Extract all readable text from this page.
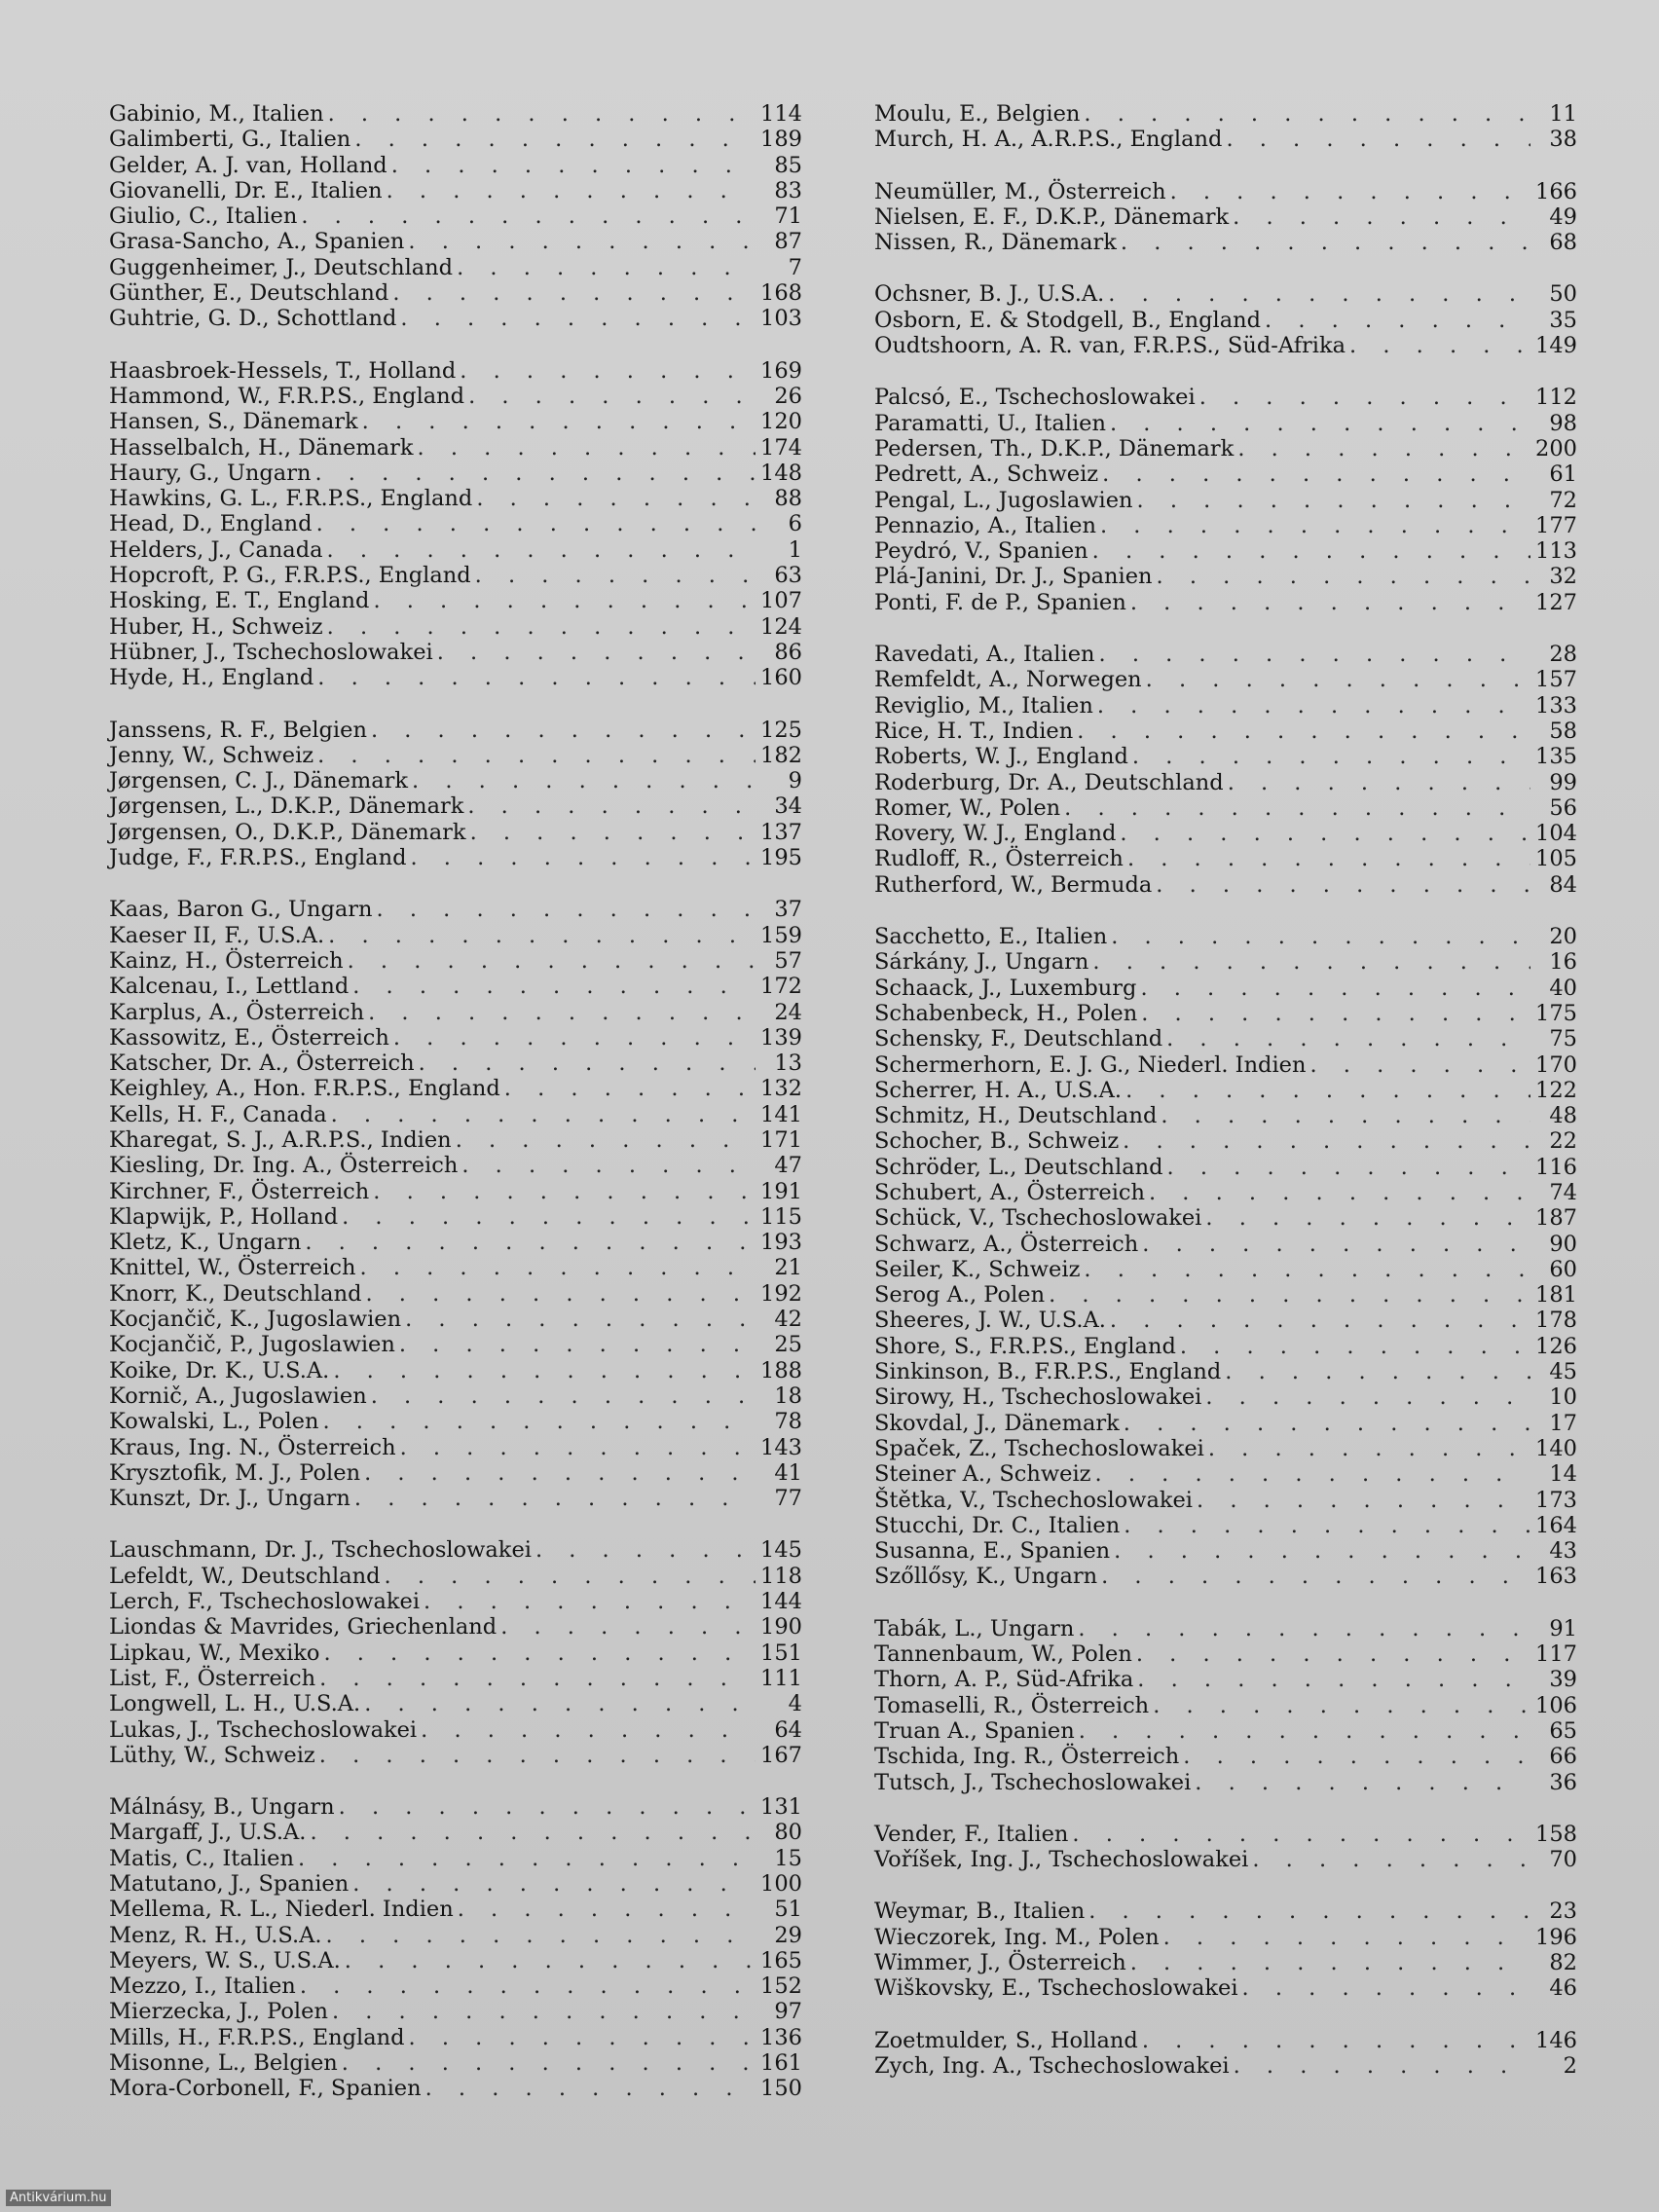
Gabinio, M., Italien . . .	114
Galimberti, G., Italien . . .	189
Gelder, A. J. van, Holland . . .	85
Giovanelli, Dr. E., Italien . . .	83
Giulio, C., Italien . . .	71
Grasa-Sancho, A., Spanien . . .	87
Guggenheimer, J., Deutschland . . .	7
Günther, E., Deutschland . . .	168
Guhtrie, G. D., Schottland . . .	103
Haasbroek-Hessels, T., Holland . . .	169
Hammond, W., F.R.P.S., England . . .	26
Hansen, S., Dänemark . . .	120
Hasselbalch, H., Dänemark . . .	174
Haury, G., Ungarn . . .	148
Hawkins, G. L., F.R.P.S., England . . .	88
Head, D., England . . .	6
Helders, J., Canada . . .	1
Hopcroft, P. G., F.R.P.S., England . . .	63
Hosking, E. T., England . . .	107
Huber, H., Schweiz . . .	124
Hübner, J., Tschechoslowakei . . .	86
Hyde, H., England . . .	160
Janssens, R. F., Belgien . . .	125
Jenny, W., Schweiz . . .	182
Jørgensen, C. J., Dänemark . . .	9
Jørgensen, L., D.K.P., Dänemark . . .	34
Jørgensen, O., D.K.P., Dänemark . . .	137
Judge, F., F.R.P.S., England . . .	195
Kaas, Baron G., Ungarn . . .	37
Kaeser II, F., U.S.A. . . .	159
Kainz, H., Österreich . . .	57
Kalcenau, I., Lettland . . .	172
Karplus, A., Österreich . . .	24
Kassowitz, E., Österreich . . .	139
Katscher, Dr. A., Österreich . . .	13
Keighley, A., Hon. F.R.P.S., England . . .	132
Kells, H. F., Canada . . .	141
Kharegat, S. J., A.R.P.S., Indien . . .	171
Kiesling, Dr. Ing. A., Österreich . . .	47
Kirchner, F., Österreich . . .	191
Klapwijk, P., Holland . . .	115
Kletz, K., Ungarn . . .	193
Knittel, W., Österreich . . .	21
Knorr, K., Deutschland . . .	192
Kocjančič, K., Jugoslawien . . .	42
Kocjančič, P., Jugoslawien . . .	25
Koike, Dr. K., U.S.A. . . .	188
Kornič, A., Jugoslawien . . .	18
Kowalski, L., Polen . . .	78
Kraus, Ing. N., Österreich . . .	143
Krysztofik, M. J., Polen . . .	41
Kunszt, Dr. J., Ungarn . . .	77
Lauschmann, Dr. J., Tschechoslowakei . . .	145
Lefeldt, W., Deutschland . . .	118
Lerch, F., Tschechoslowakei . . .	144
Liondas & Mavrides, Griechenland . . .	190
Lipkau, W., Mexiko . . .	151
List, F., Österreich . . .	111
Longwell, L. H., U.S.A. . . .	4
Lukas, J., Tschechoslowakei . . .	64
Lüthy, W., Schweiz . . .	167
Málnásy, B., Ungarn . . .	131
Margaff, J., U.S.A. . . .	80
Matis, C., Italien . . .	15
Matutano, J., Spanien . . .	100
Mellema, R. L., Niederl. Indien . . .	51
Menz, R. H., U.S.A. . . .	29
Meyers, W. S., U.S.A. . . .	165
Mezzo, I., Italien . . .	152
Mierzecka, J., Polen . . .	97
Mills, H., F.R.P.S., England . . .	136
Misonne, L., Belgien . . .	161
Mora-Corbonell, F., Spanien . . .	150
Moulu, E., Belgien . . .	11
Murch, H. A., A.R.P.S., England . . .	38
Neumüller, M., Österreich . . .	166
Nielsen, E. F., D.K.P., Dänemark . . .	49
Nissen, R., Dänemark . . .	68
Ochsner, B. J., U.S.A. . . .	50
Osborn, E. & Stodgell, B., England . . .	35
Oudtshoorn, A. R. van, F.R.P.S., Süd-Afrika . . .	149
Palcsó, E., Tschechoslowakei . . .	112
Paramatti, U., Italien . . .	98
Pedersen, Th., D.K.P., Dänemark . . .	200
Pedrett, A., Schweiz . . .	61
Pengal, L., Jugoslawien . . .	72
Pennazio, A., Italien . . .	177
Peydró, V., Spanien . . .	113
Plá-Janini, Dr. J., Spanien . . .	32
Ponti, F. de P., Spanien . . .	127
Ravedati, A., Italien . . .	28
Remfeldt, A., Norwegen . . .	157
Reviglio, M., Italien . . .	133
Rice, H. T., Indien . . .	58
Roberts, W. J., England . . .	135
Roderburg, Dr. A., Deutschland . . .	99
Romer, W., Polen . . .	56
Rovery, W. J., England . . .	104
Rudloff, R., Österreich . . .	105
Rutherford, W., Bermuda . . .	84
Sacchetto, E., Italien . . .	20
Sárkány, J., Ungarn . . .	16
Schaack, J., Luxemburg . . .	40
Schabenbeck, H., Polen . . .	175
Schensky, F., Deutschland . . .	75
Schermerhorn, E. J. G., Niederl. Indien . . .	170
Scherrer, H. A., U.S.A. . . .	122
Schmitz, H., Deutschland . . .	48
Schocher, B., Schweiz . . .	22
Schröder, L., Deutschland . . .	116
Schubert, A., Österreich . . .	74
Schück, V., Tschechoslowakei . . .	187
Schwarz, A., Österreich . . .	90
Seiler, K., Schweiz . . .	60
Serog A., Polen . . .	181
Sheeres, J. W., U.S.A. . . .	178
Shore, S., F.R.P.S., England . . .	126
Sinkinson, B., F.R.P.S., England . . .	45
Sirowy, H., Tschechoslowakei . . .	10
Skovdal, J., Dänemark . . .	17
Spaček, Z., Tschechoslowakei . . .	140
Steiner A., Schweiz . . .	14
Štětka, V., Tschechoslowakei . . .	173
Stucchi, Dr. C., Italien . . .	164
Susanna, E., Spanien . . .	43
Szőllősy, K., Ungarn . . .	163
Tabák, L., Ungarn . . .	91
Tannenbaum, W., Polen . . .	117
Thorn, A. P., Süd-Afrika . . .	39
Tomaselli, R., Österreich . . .	106
Truan A., Spanien . . .	65
Tschida, Ing. R., Österreich . . .	66
Tutsch, J., Tschechoslowakei . . .	36
Vender, F., Italien . . .	158
Voříšek, Ing. J., Tschechoslowakei . . .	70
Weymar, B., Italien . . .	23
Wieczorek, Ing. M., Polen . . .	196
Wimmer, J., Österreich . . .	82
Wiškovsky, E., Tschechoslowakei . . .	46
Zoetmulder, S., Holland . . .	146
Zych, Ing. A., Tschechoslowakei . . .	2
Antikvárium.hu
